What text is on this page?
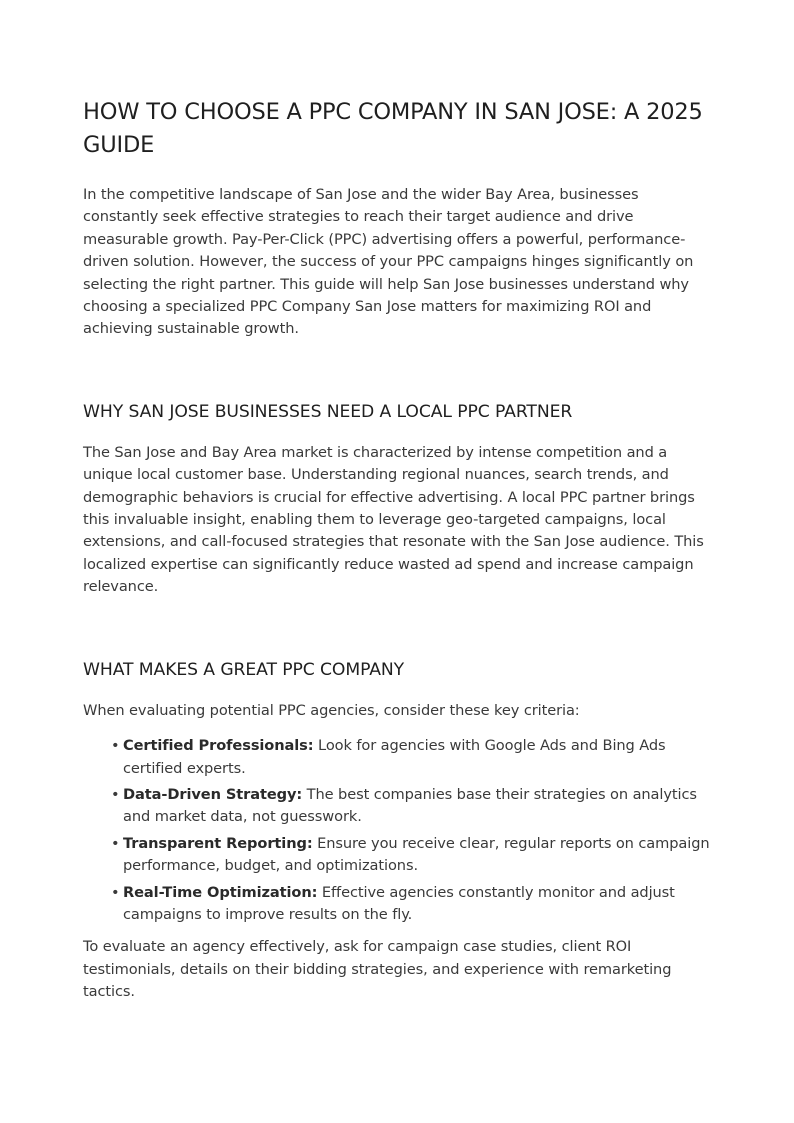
HOW TO CHOOSE A PPC COMPANY IN SAN JOSE: A 2025 GUIDE

In the competitive landscape of San Jose and the wider Bay Area, businesses constantly seek effective strategies to reach their target audience and drive measurable growth. Pay-Per-Click (PPC) advertising offers a powerful, performance-driven solution. However, the success of your PPC campaigns hinges significantly on selecting the right partner. This guide will help San Jose businesses understand why choosing a specialized PPC Company San Jose matters for maximizing ROI and achieving sustainable growth.

WHY SAN JOSE BUSINESSES NEED A LOCAL PPC PARTNER

The San Jose and Bay Area market is characterized by intense competition and a unique local customer base. Understanding regional nuances, search trends, and demographic behaviors is crucial for effective advertising. A local PPC partner brings this invaluable insight, enabling them to leverage geo-targeted campaigns, local extensions, and call-focused strategies that resonate with the San Jose audience. This localized expertise can significantly reduce wasted ad spend and increase campaign relevance.

WHAT MAKES A GREAT PPC COMPANY

When evaluating potential PPC agencies, consider these key criteria:

• Certified Professionals: Look for agencies with Google Ads and Bing Ads certified experts.
• Data-Driven Strategy: The best companies base their strategies on analytics and market data, not guesswork.
• Transparent Reporting: Ensure you receive clear, regular reports on campaign performance, budget, and optimizations.
• Real-Time Optimization: Effective agencies constantly monitor and adjust campaigns to improve results on the fly.

To evaluate an agency effectively, ask for campaign case studies, client ROI testimonials, details on their bidding strategies, and experience with remarketing tactics.
